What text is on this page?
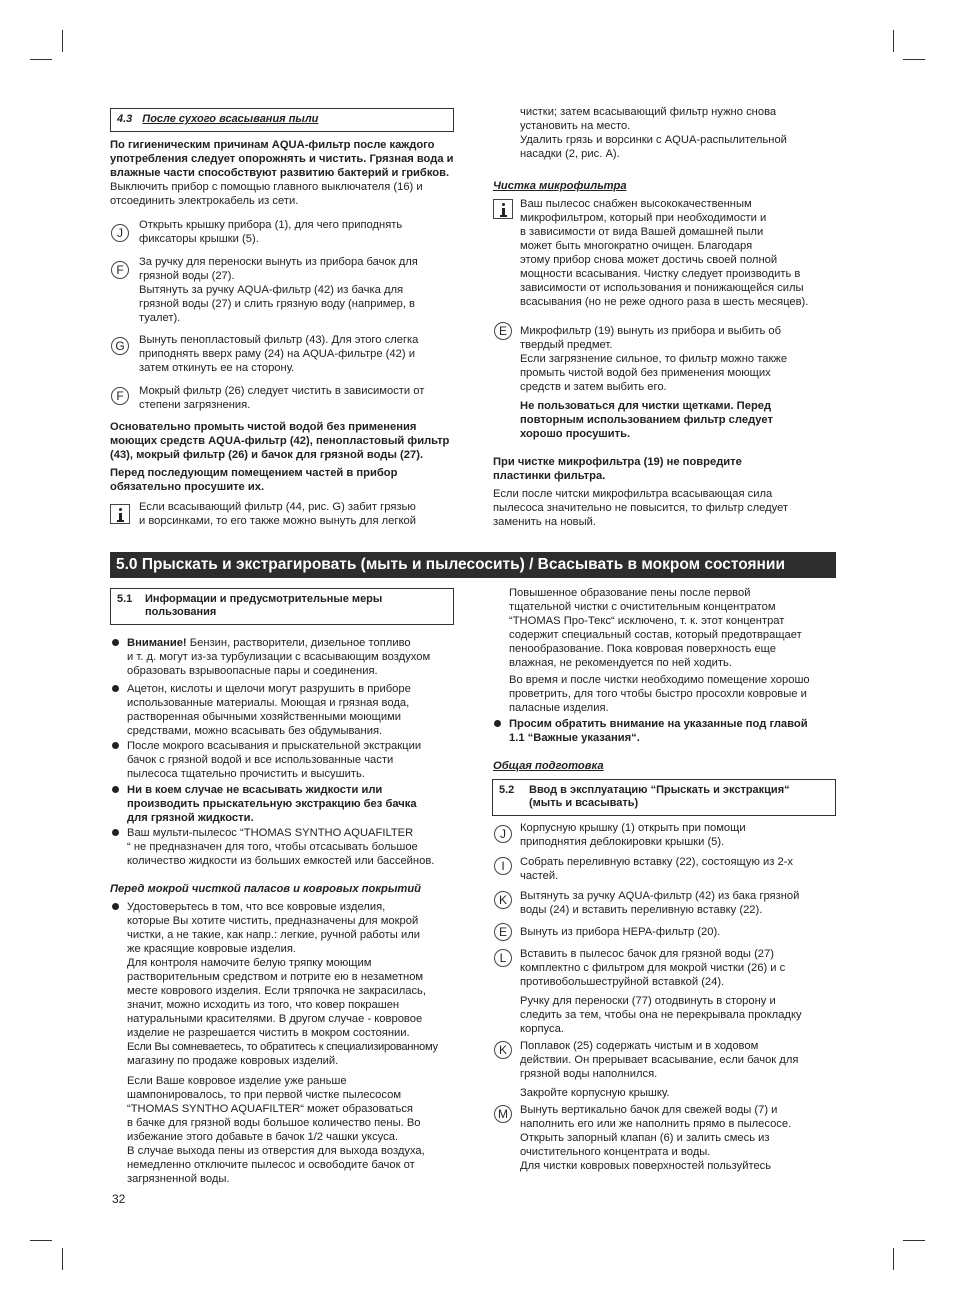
4.3 После сухого всасывания пыли

По гигиеническим причинам AQUA-фильтр после каждого

употребления следует опорожнять и чистить. Грязная вода и

влажные части способствуют развитию бактерий и грибков.

Выключить прибор с помощью главного выключателя (16) и

отсоединить электрокабель из сети.

J

Открыть крышку прибора (1), для чего приподнять

фиксаторы крышки (5).

F

За ручку для переноски вынуть из прибора бачок для

грязной воды (27).

Вытянуть за ручку AQUA-фильтр (42) из бачка для

грязной воды (27) и слить грязную воду (например, в

туалет).

G	Вынуть пенопластовый фильтр (43). Для этого слегка

приподнять вверх раму (24) на AQUA-фильтре (42) и

затем откинуть ее на сторону.

F	Мокрый фильтр (26) следует чистить в зависимости от

степени загрязнения.

Основательно промыть чистой водой без применения

моющих средств AQUA-фильтр (42), пенопластовый фильтр

(43), мокрый фильтр (26) и бачок для грязной воды (27).

Перед последующим помещением частей в прибор

обязательно просушите их.

Если всасывающий фильтр (44, рис. G) забит грязью

и ворсинками, то его также можно вынуть для легкой

чистки; затем всасывающий фильтр нужно снова

установить на место.

Удалить грязь и ворсинки с AQUA-распылительной

насадки (2, рис. A).

Чистка микрофильтра

Ваш пылесос снабжен высококачественным

микрофильтром, который при необходимости и

в зависимости от вида Вашей домашней пыли

может быть многократно очищен. Благодаря

этому прибор снова может достичь своей полной

мощности всасывания. Чистку следует производить в

зависимости от использования и понижающейся силы

всасывания (но не реже одного раза в шесть месяцев).

E	Микрофильтр (19) вынуть из прибора и выбить об

твердый предмет.

Если загрязнение сильное, то фильтр можно также

промыть чистой водой без применения моющих

средств и затем выбить его.

Не пользоваться для чистки щетками. Перед

повторным использованием фильтр следует

хорошо просушить.

При чистке микрофильтра (19) не повредите

пластинки фильтра.

Если после читски микрофильтра всасывающая сила

пылесоса значительно не повысится, то фильтр следует

заменить на новый.

5.0 Прыскать и экстрагировать (мыть и пылесосить) / Всасывать в мокром состоянии
5.1	Информации и предусмотрительные меры
пользования

Внимание! Бензин, растворители, дизельное топливо

и т. д. могут из-за турбулизации с всасывающим воздухом

образовать взрывоопасные пары и соединения.

Ацетон, кислоты и щелочи могут разрушить в приборе

использованные материалы. Моющая и грязная вода,

растворенная обычными хозяйственными моющими

средствами, можно всасывать без обдумывания.

После мокрого всасывания и прыскательной экстракции

бачок с грязной водой и все использованные части

пылесоса тщательно прочистить и высушить.

Ни в коем случае не всасывать жидкости или

производить прыскательную экстракцию без бачка

для грязной жидкости.

Ваш мульти-пылесос “THOMAS SYNTHO AQUAFILTER

“ не предназначен для того, чтобы отсасывать большое

количество жидкости из больших емкостей или бассейнов.

Перед мокрой чисткой паласов и ковровых покрытий

Удостоверьтесь в том, что все ковровые изделия,

которые Вы хотите чистить, предназначены для мокрой

чистки, а не такие, как напр.: легкие, ручной работы или

же красящие ковровые изделия.

Для контроля намочите белую тряпку моющим

растворительным средством и потрите ею в незаметном

месте коврового изделия. Если тряпочка не закрасилась,

значит, можно исходить из того, что ковер покрашен

натуральными красителями. В другом случае - ковровое

изделие не разрешается чистить в мокром состоянии.

Если Вы сомневаетесь, то обратитесь к специализированному

магазину по продаже ковровых изделий.

Если Ваше ковровое изделие уже раньше

шампонировалось, то при первой чистке пылесосом

“THOMAS SYNTHO AQUAFILTER“ может образоваться

в бачке для грязной воды большое количество пены. Во

избежание этого добавьте в бачок 1/2 чашки уксуса.

В случае выхода пены из отверстия для выхода воздуха,

немедленно отключите пылесос и освободите бачок от

загрязненной воды.

Повышенное образование пены после первой

тщательной чистки с очистительным концентратом

“THOMAS Про-Текс“ исключено, т. к. этот концентрат

содержит специальный состав, который предотвращает

пенообразование. Пока ковровая поверхность еще

влажная, не рекомендуется по ней ходить.

Во время и после чистки необходимо помещение хорошо

проветрить, для того чтобы быстро просохли ковровые и

паласные изделия.

Просим обратить внимание на указанные под главой

1.1 “Важные указания“.

Общая подготовка

5.2	Ввод в эксплуатацию “Прыскать и экстракция“
(мыть и всасывать)
J	Корпусную крышку (1) открыть при помощи

приподнятия деблокировки крышки (5).

I	Собрать переливную вставку (22), состоящую из 2-х

частей.

K	Вытянуть за ручку AQUA-фильтр (42) из бака грязной

воды (24) и вставить переливную вставку (22).

E	Вынуть из прибора HEPA-фильтр (20).

L	Вставить в пылесос бачок для грязной воды (27)

комплектно с фильтром для мокрой чистки (26) и с

противобольшеструйной вставкой (24).

Ручку для переноски (77) отодвинуть в сторону и

следить за тем, чтобы она не перекрывала прокладку

корпуса.

K	Поплавок (25) содержать чистым и в ходовом

действии. Он прерывает всасывание, если бачок для

грязной воды наполнился.

Закройте корпусную крышку.

M	Вынуть вертикально бачок для свежей воды (7) и

наполнить его или же наполнить прямо в пылесосе.

Открыть запорный клапан (6) и залить смесь из

очистительного концентрата и воды.

Для чистки ковровых поверхностей пользуйтесь

32
